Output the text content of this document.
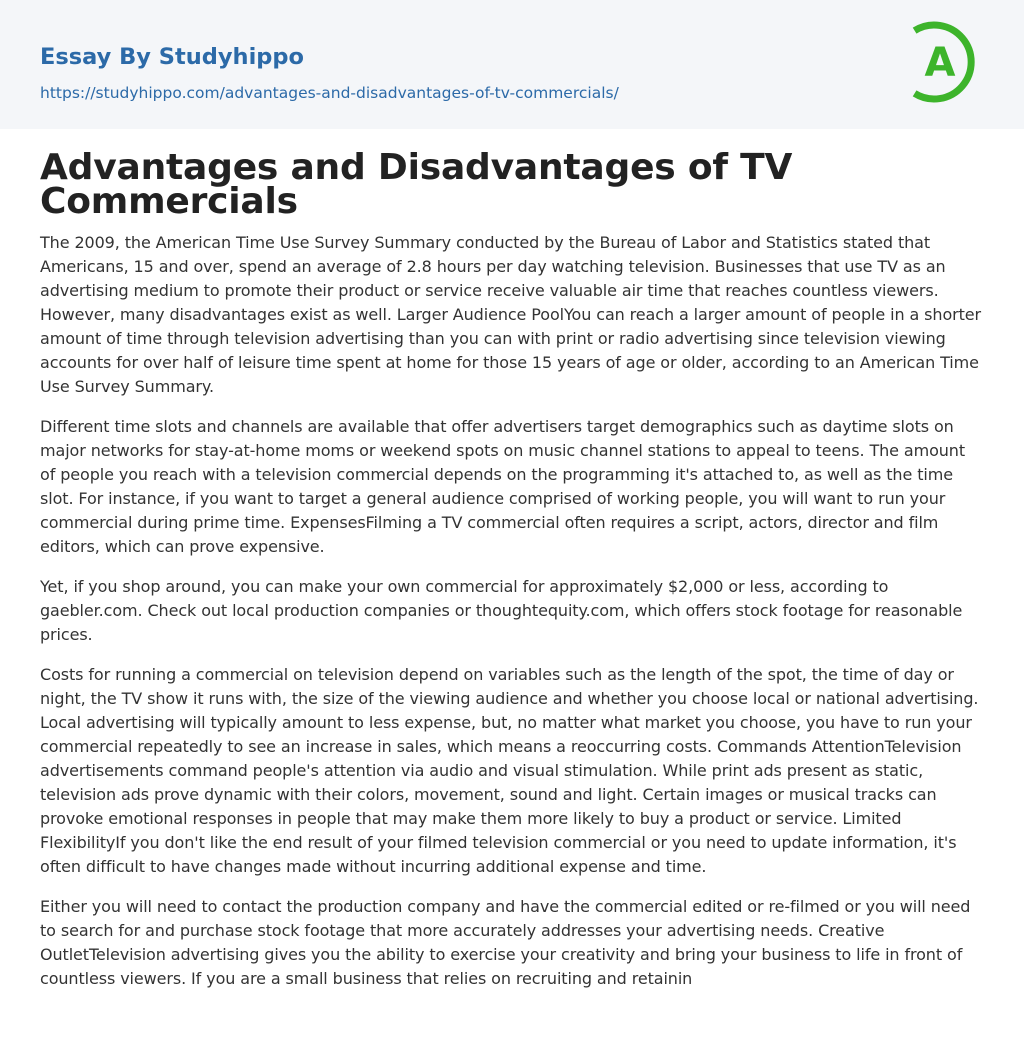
Essay By Studyhippo
https://studyhippo.com/advantages-and-disadvantages-of-tv-commercials/
A
Advantages and Disadvantages of TV Commercials

The 2009, the American Time Use Survey Summary conducted by the Bureau of Labor and Statistics stated that Americans, 15 and over, spend an average of 2.8 hours per day watching television. Businesses that use TV as an advertising medium to promote their product or service receive valuable air time that reaches countless viewers. However, many disadvantages exist as well. Larger Audience PoolYou can reach a larger amount of people in a shorter amount of time through television advertising than you can with print or radio advertising since television viewing accounts for over half of leisure time spent at home for those 15 years of age or older, according to an American Time Use Survey Summary.

Different time slots and channels are available that offer advertisers target demographics such as daytime slots on major networks for stay-at-home moms or weekend spots on music channel stations to appeal to teens. The amount of people you reach with a television commercial depends on the programming it's attached to, as well as the time slot. For instance, if you want to target a general audience comprised of working people, you will want to run your commercial during prime time. ExpensesFilming a TV commercial often requires a script, actors, director and film editors, which can prove expensive.

Yet, if you shop around, you can make your own commercial for approximately $2,000 or less, according to gaebler.com. Check out local production companies or thoughtequity.com, which offers stock footage for reasonable prices.

Costs for running a commercial on television depend on variables such as the length of the spot, the time of day or night, the TV show it runs with, the size of the viewing audience and whether you choose local or national advertising. Local advertising will typically amount to less expense, but, no matter what market you choose, you have to run your commercial repeatedly to see an increase in sales, which means a reoccurring costs. Commands AttentionTelevision advertisements command people's attention via audio and visual stimulation. While print ads present as static, television ads prove dynamic with their colors, movement, sound and light. Certain images or musical tracks can provoke emotional responses in people that may make them more likely to buy a product or service. Limited FlexibilityIf you don't like the end result of your filmed television commercial or you need to update information, it's often difficult to have changes made without incurring additional expense and time.

Either you will need to contact the production company and have the commercial edited or re-filmed or you will need to search for and purchase stock footage that more accurately addresses your advertising needs. Creative OutletTelevision advertising gives you the ability to exercise your creativity and bring your business to life in front of countless viewers. If you are a small business that relies on recruiting and retainin
